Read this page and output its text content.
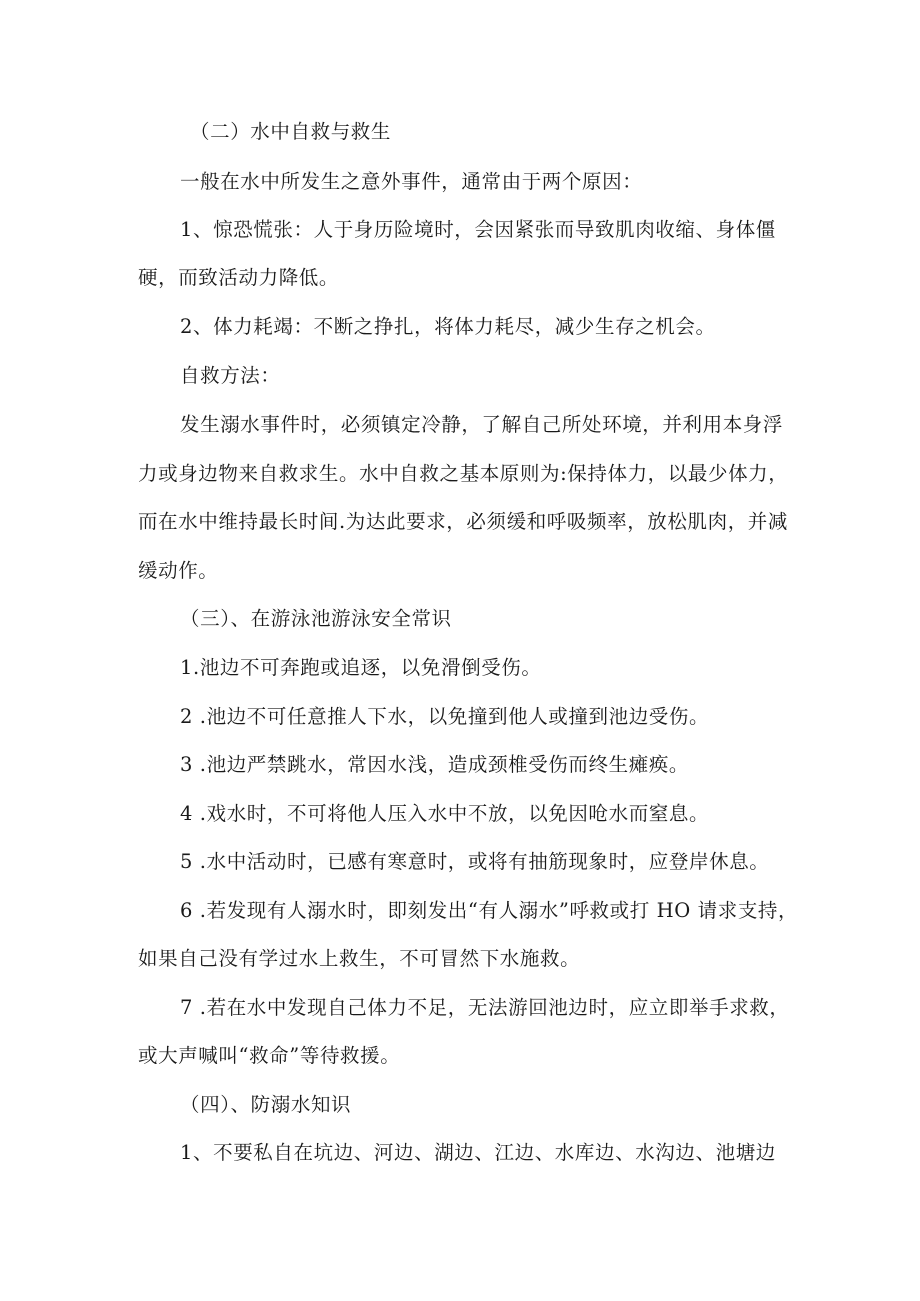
（二）水中自救与救生
一般在水中所发生之意外事件，通常由于两个原因：
1、惊恐慌张：人于身历险境时，会因紧张而导致肌肉收缩、身体僵
硬，而致活动力降低。
2、体力耗竭：不断之挣扎，将体力耗尽，减少生存之机会。
自救方法：
发生溺水事件时，必须镇定冷静，了解自己所处环境，并利用本身浮
力或身边物来自救求生。水中自救之基本原则为:保持体力，以最少体力，
而在水中维持最长时间.为达此要求，必须缓和呼吸频率，放松肌肉，并减
缓动作。
（三）、在游泳池游泳安全常识
1.池边不可奔跑或追逐，以免滑倒受伤。
2 .池边不可任意推人下水，以免撞到他人或撞到池边受伤。
3 .池边严禁跳水，常因水浅，造成颈椎受伤而终生瘫痪。
4 .戏水时，不可将他人压入水中不放，以免因呛水而窒息。
5 .水中活动时，已感有寒意时，或将有抽筋现象时，应登岸休息。
6 .若发现有人溺水时，即刻发出“有人溺水”呼救或打 HO 请求支持，
如果自己没有学过水上救生，不可冒然下水施救。
7 .若在水中发现自己体力不足，无法游回池边时，应立即举手求救，
或大声喊叫“救命”等待救援。
（四）、防溺水知识
1、不要私自在坑边、河边、湖边、江边、水库边、水沟边、池塘边
